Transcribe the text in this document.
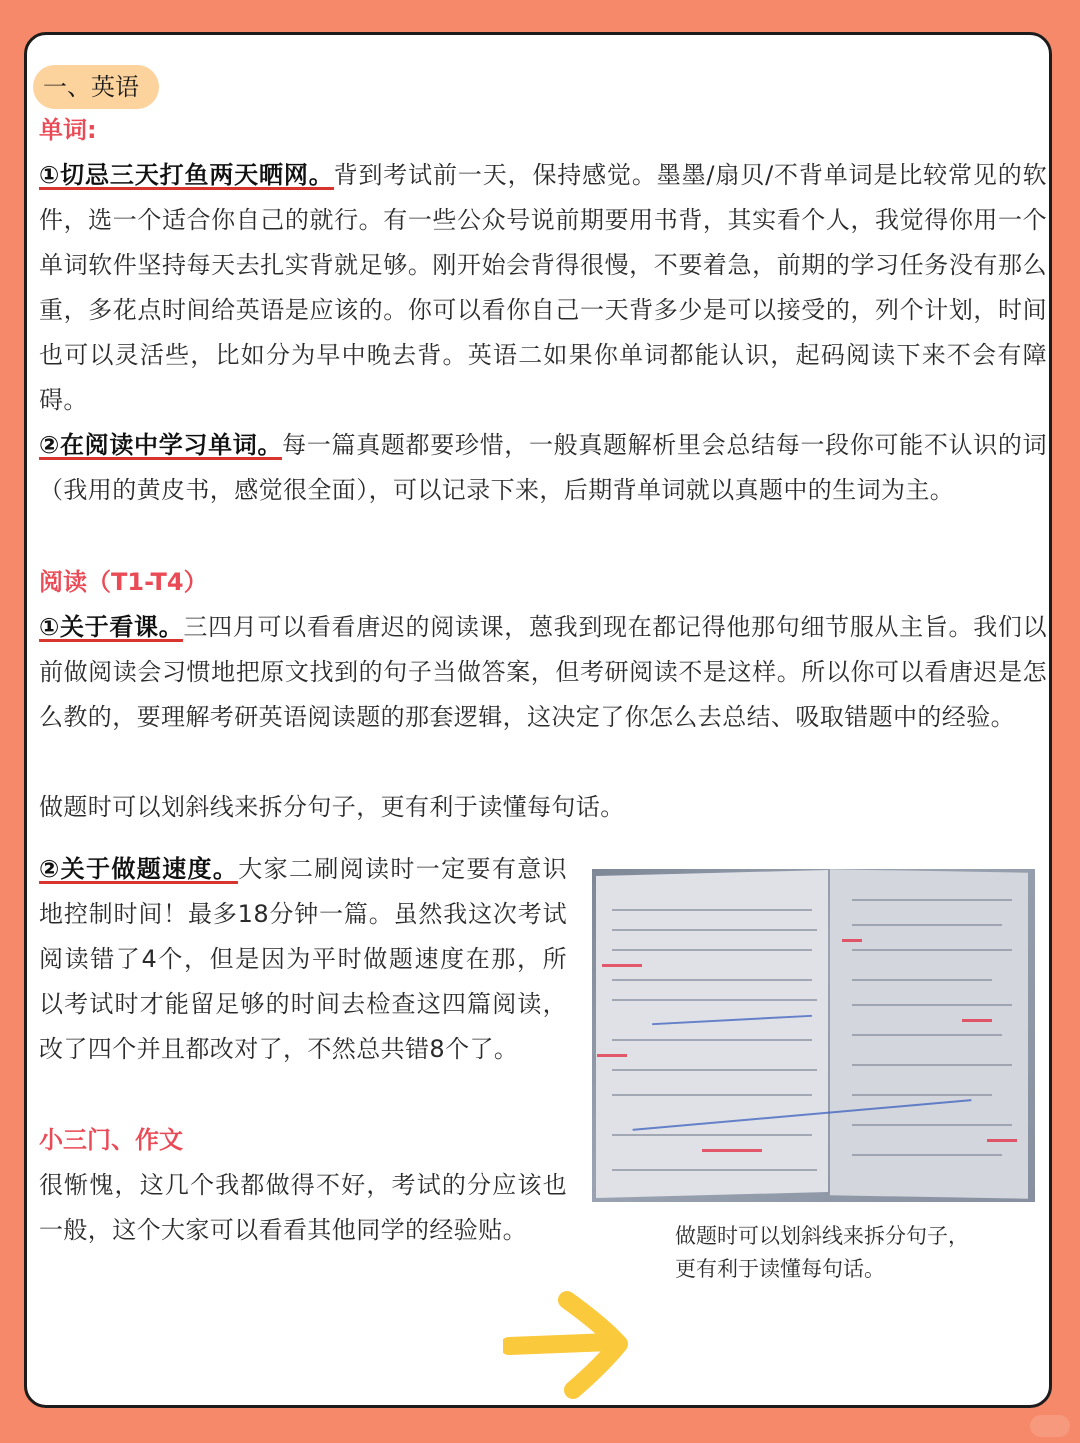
一、英语
单词:
①切忌三天打鱼两天晒网。背到考试前一天，保持感觉。墨墨/扇贝/不背单词是比较常见的软件，选一个适合你自己的就行。有一些公众号说前期要用书背，其实看个人，我觉得你用一个单词软件坚持每天去扎实背就足够。刚开始会背得很慢，不要着急，前期的学习任务没有那么重，多花点时间给英语是应该的。你可以看你自己一天背多少是可以接受的，列个计划，时间也可以灵活些，比如分为早中晚去背。英语二如果你单词都能认识，起码阅读下来不会有障碍。
②在阅读中学习单词。每一篇真题都要珍惜，一般真题解析里会总结每一段你可能不认识的词（我用的黄皮书，感觉很全面），可以记录下来，后期背单词就以真题中的生词为主。
阅读（T1-T4）
①关于看课。三四月可以看看唐迟的阅读课，蒽我到现在都记得他那句细节服从主旨。我们以前做阅读会习惯地把原文找到的句子当做答案，但考研阅读不是这样。所以你可以看唐迟是怎么教的，要理解考研英语阅读题的那套逻辑，这决定了你怎么去总结、吸取错题中的经验。
做题时可以划斜线来拆分句子，更有利于读懂每句话。
②关于做题速度。大家二刷阅读时一定要有意识地控制时间！最多18分钟一篇。虽然我这次考试阅读错了4个，但是因为平时做题速度在那，所以考试时才能留足够的时间去检查这四篇阅读，改了四个并且都改对了，不然总共错8个了。
小三门、作文
很惭愧，这几个我都做得不好，考试的分应该也一般，这个大家可以看看其他同学的经验贴。	做题时可以划斜线来拆分句子，更有利于读懂每句话。
